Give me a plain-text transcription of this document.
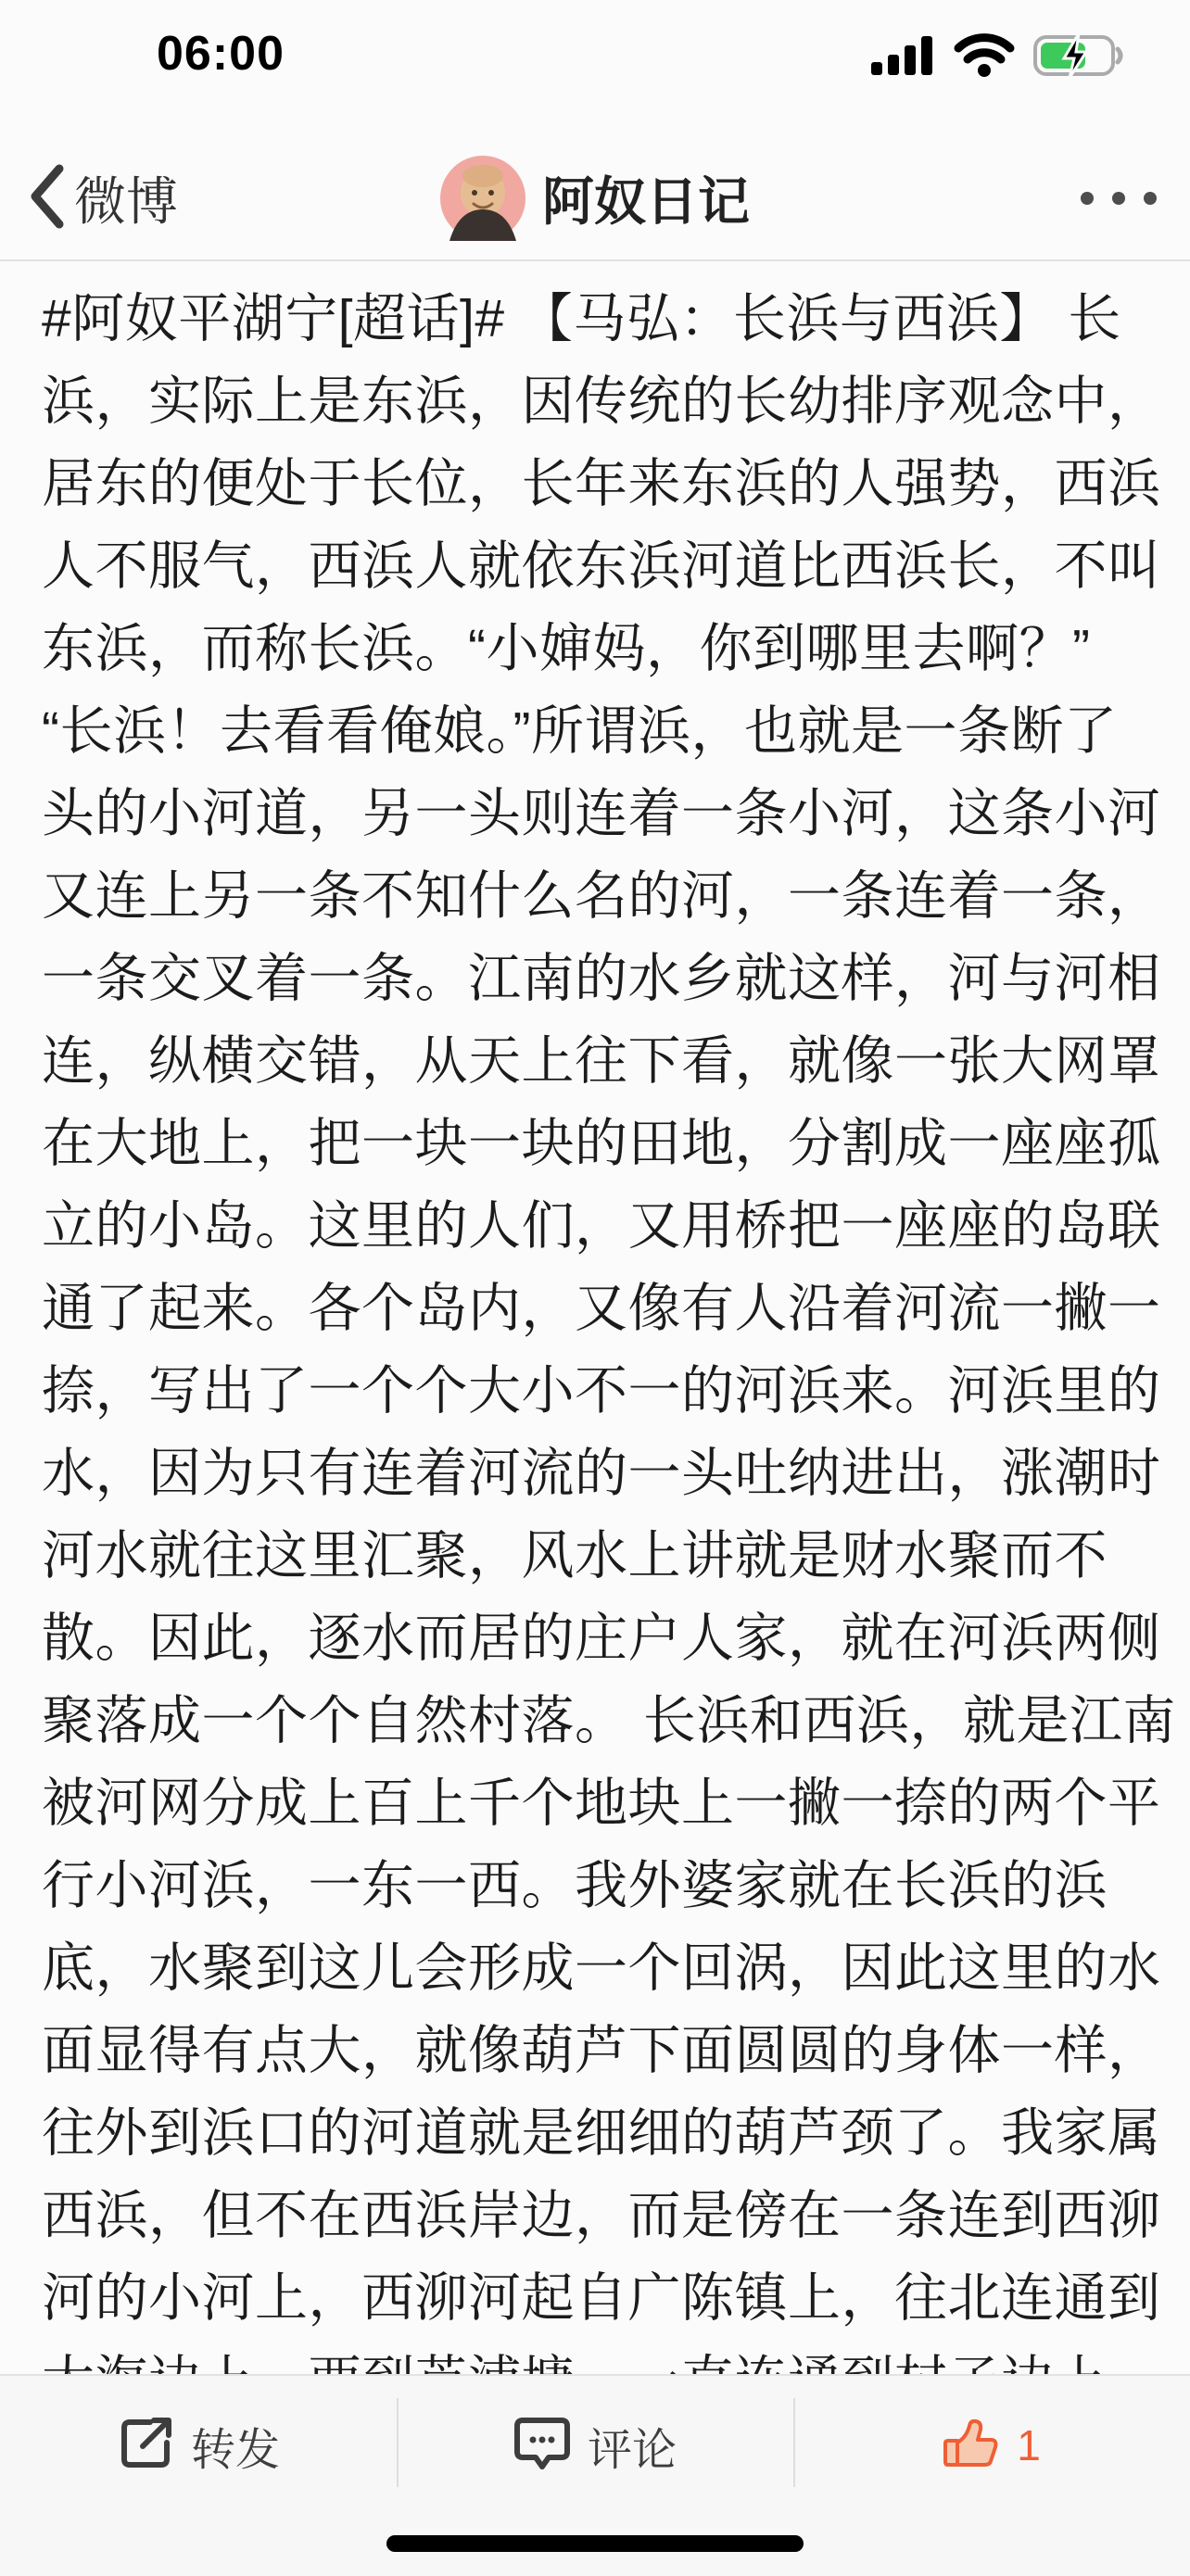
06:00
微博	阿奴日记
#阿奴平湖宁[超话]# 【马弘：长浜与西浜】 长
浜，实际上是东浜，因传统的长幼排序观念中，
居东的便处于长位，长年来东浜的人强势，西浜
人不服气，西浜人就依东浜河道比西浜长，不叫
东浜，而称长浜。“小婶妈，你到哪里去啊？”
“长浜！去看看俺娘。”所谓浜，也就是一条断了
头的小河道，另一头则连着一条小河，这条小河
又连上另一条不知什么名的河，一条连着一条，
一条交叉着一条。江南的水乡就这样，河与河相
连，纵横交错，从天上往下看，就像一张大网罩
在大地上，把一块一块的田地，分割成一座座孤
立的小岛。这里的人们，又用桥把一座座的岛联
通了起来。各个岛内，又像有人沿着河流一撇一
捺，写出了一个个大小不一的河浜来。河浜里的
水，因为只有连着河流的一头吐纳进出，涨潮时
河水就往这里汇聚，风水上讲就是财水聚而不
散。因此，逐水而居的庄户人家，就在河浜两侧
聚落成一个个自然村落。 长浜和西浜，就是江南
被河网分成上百上千个地块上一撇一捺的两个平
行小河浜，一东一西。我外婆家就在长浜的浜
底，水聚到这儿会形成一个回涡，因此这里的水
面显得有点大，就像葫芦下面圆圆的身体一样，
往外到浜口的河道就是细细的葫芦颈了。我家属
西浜，但不在西浜岸边，而是傍在一条连到西泖
河的小河上，西泖河起自广陈镇上，往北连通到
转发	评论	1
